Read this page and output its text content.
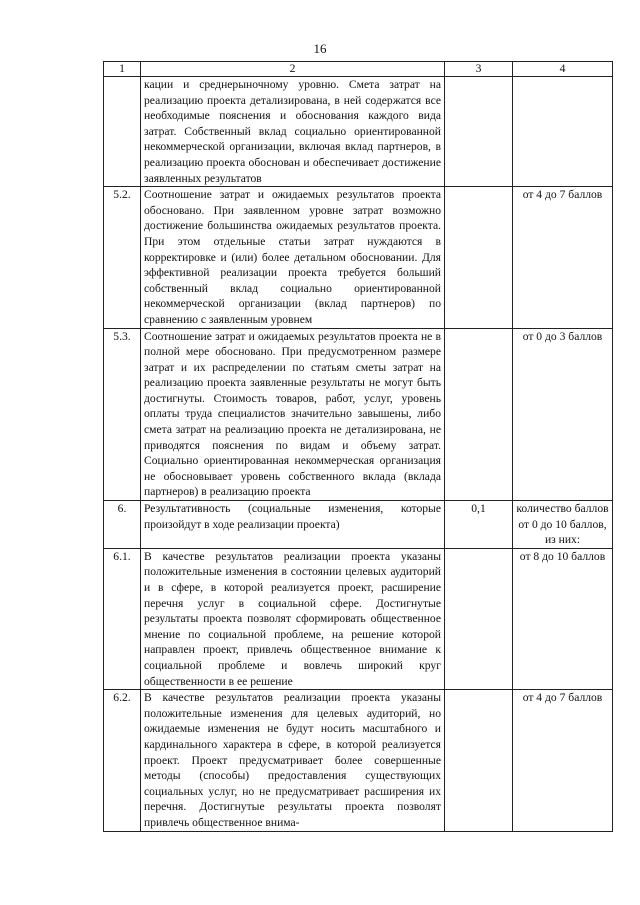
16
1	2	3	4
	кации и среднерыночному уровню. Смета затрат на реализацию проекта детализирована, в ней содержатся все необходимые пояснения и обоснования каждого вида затрат. Собственный вклад социально ориентированной некоммерческой организации, включая вклад партнеров, в реализацию проекта обоснован и обеспечивает достижение заявленных результатов		
5.2.	Соотношение затрат и ожидаемых результатов проекта обосновано. При заявленном уровне затрат возможно достижение большинства ожидаемых результатов проекта. При этом отдельные статьи затрат нуждаются в корректировке и (или) более детальном обосновании. Для эффективной реализации проекта требуется больший собственный вклад социально ориентированной некоммерческой организации (вклад партнеров) по сравнению с заявленным уровнем		от 4 до 7 баллов
5.3.	Соотношение затрат и ожидаемых результатов проекта не в полной мере обосновано. При предусмотренном размере затрат и их распределении по статьям сметы затрат на реализацию проекта заявленные результаты не могут быть достигнуты. Стоимость товаров, работ, услуг, уровень оплаты труда специалистов значительно завышены, либо смета затрат на реализацию проекта не детализирована, не приводятся пояснения по видам и объему затрат. Социально ориентированная некоммерческая организация не обосновывает уровень собственного вклада (вклада партнеров) в реализацию проекта		от 0 до 3 баллов
6.	Результативность (социальные изменения, которые произойдут в ходе реализации проекта)	0,1	количество баллов от 0 до 10 баллов, из них:
6.1.	В качестве результатов реализации проекта указаны положительные изменения в состоянии целевых аудиторий и в сфере, в которой реализуется проект, расширение перечня услуг в социальной сфере. Достигнутые результаты проекта позволят сформировать общественное мнение по социальной проблеме, на решение которой направлен проект, привлечь общественное внимание к социальной проблеме и вовлечь широкий круг общественности в ее решение		от 8 до 10 баллов
6.2.	В качестве результатов реализации проекта указаны положительные изменения для целевых аудиторий, но ожидаемые изменения не будут носить масштабного и кардинального характера в сфере, в которой реализуется проект. Проект предусматривает более совершенные методы (способы) предоставления существующих социальных услуг, но не предусматривает расширения их перечня. Достигнутые результаты проекта позволят привлечь общественное внима-		от 4 до 7 баллов
